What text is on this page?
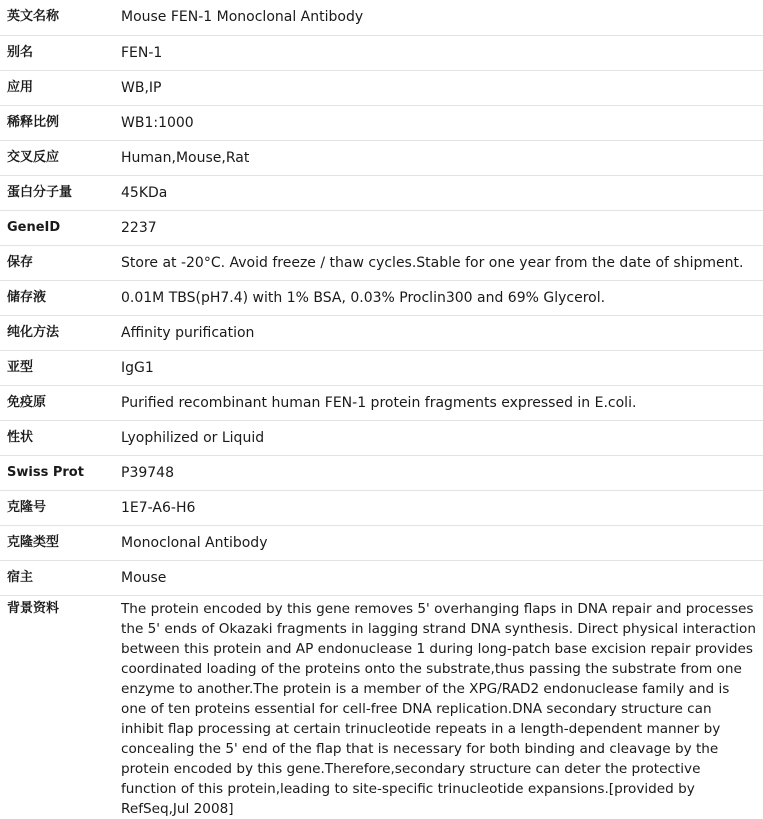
英文名称	Mouse FEN-1 Monoclonal Antibody
别名	FEN-1
应用	WB,IP
稀释比例	WB1:1000
交叉反应	Human,Mouse,Rat
蛋白分子量	45KDa
GeneID	2237
保存	Store at -20°C. Avoid freeze / thaw cycles.Stable for one year from the date of shipment.
储存液	0.01M TBS(pH7.4) with 1% BSA, 0.03% Proclin300 and 69% Glycerol.
纯化方法	Affinity purification
亚型	IgG1
免疫原	Purified recombinant human FEN-1 protein fragments expressed in E.coli.
性状	Lyophilized or Liquid
Swiss Prot	P39748
克隆号	1E7-A6-H6
克隆类型	Monoclonal Antibody
宿主	Mouse
背景资料	The protein encoded by this gene removes 5' overhanging flaps in DNA repair and processes the 5' ends of Okazaki fragments in lagging strand DNA synthesis. Direct physical interaction between this protein and AP endonuclease 1 during long-patch base excision repair provides coordinated loading of the proteins onto the substrate,thus passing the substrate from one enzyme to another.The protein is a member of the XPG/RAD2 endonuclease family and is one of ten proteins essential for cell-free DNA replication.DNA secondary structure can inhibit flap processing at certain trinucleotide repeats in a length-dependent manner by concealing the 5' end of the flap that is necessary for both binding and cleavage by the protein encoded by this gene.Therefore,secondary structure can deter the protective function of this protein,leading to site-specific trinucleotide expansions.[provided by RefSeq,Jul 2008]
